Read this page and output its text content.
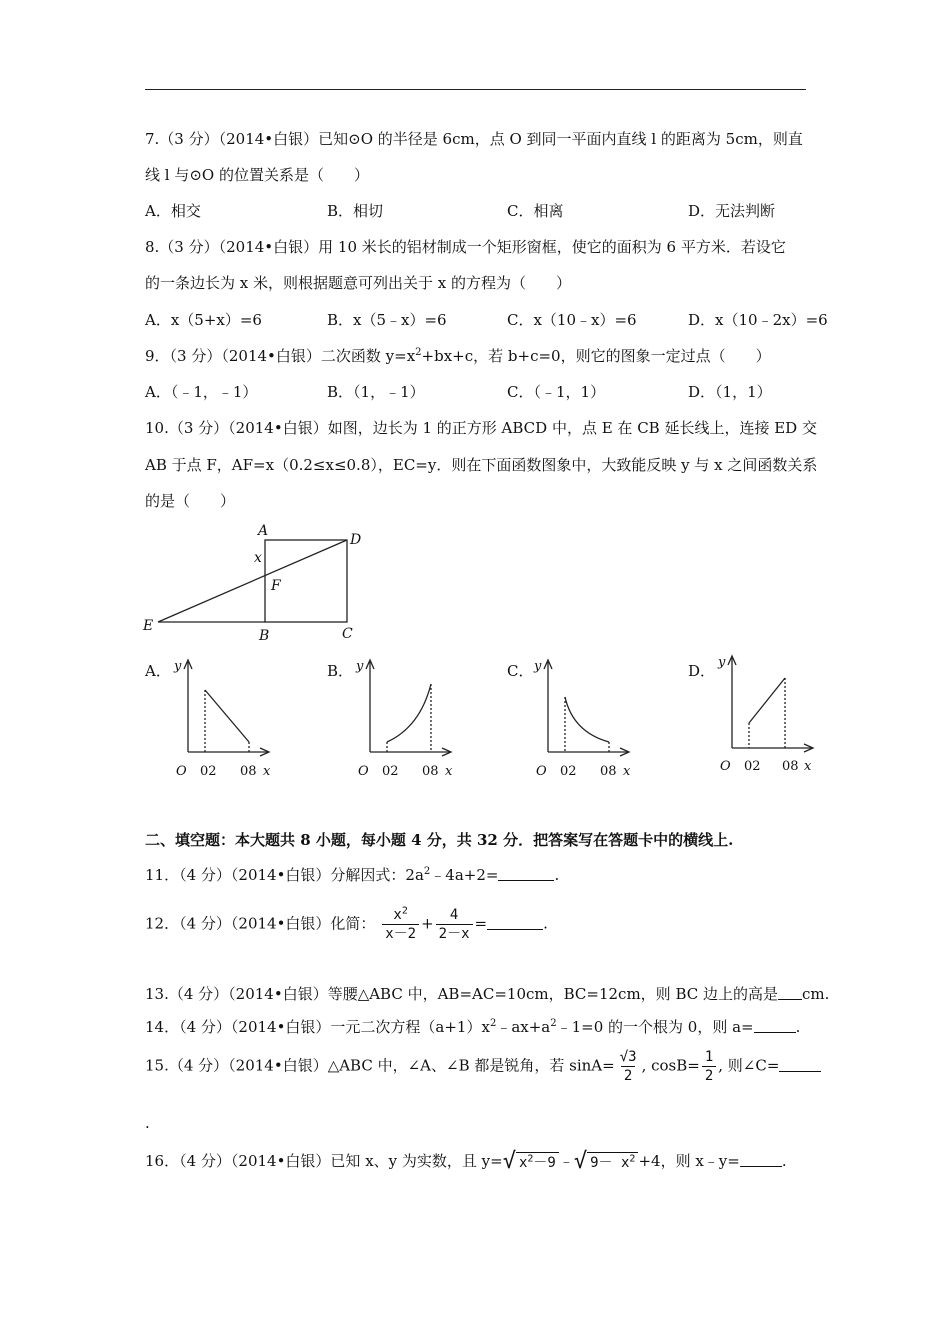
7.（3 分）（2014•白银）已知⊙O 的半径是 6cm，点 O 到同一平面内直线 l 的距离为 5cm，则直
线 l 与⊙O 的位置关系是（　　）
A．相交	B．相切	C．相离	D．无法判断
8.（3 分）（2014•白银）用 10 米长的铝材制成一个矩形窗框，使它的面积为 6 平方米．若设它
的一条边长为 x 米，则根据题意可列出关于 x 的方程为（　　）
A．x（5+x）=6	B．x（5﹣x）=6	C．x（10﹣x）=6	D．x（10﹣2x）=6
9．（3 分）（2014•白银）二次函数 $y=x^2+bx+c$，若 b+c=0，则它的图象一定过点（　　）
A．（﹣1，﹣1）	B．（1，﹣1）	C．（﹣1，1）	D．（1，1）
10.（3 分）（2014•白银）如图，边长为 1 的正方形 ABCD 中，点 E 在 CB 延长线上，连接 ED 交
AB 于点 F，AF=x（0.2≤x≤0.8），EC=y．则在下面函数图象中，大致能反映 y 与 x 之间函数关系
的是（　　）
A
D
x
F
E
B	C
A．	B．	C．	D．
y
O 02 08 x
y
O 02 08 x
y
O 02 08 x
y
O 02 08 x
二、填空题：本大题共 8 小题，每小题 4 分，共 32 分．把答案写在答题卡中的横线上.
11．（4 分）（2014•白银）分解因式：$2a^2﹣4a+2=$	.
12．（4 分）（2014•白银）化简： $\frac{x^2}{x-2} + \frac{4}{2-x}$ =	.
13.（4 分）（2014•白银）等腰△ABC 中，AB=AC=10cm，BC=12cm，则 BC 边上的高是 cm.
14．（4 分）（2014•白银）一元二次方程$(a+1)x^2﹣ax+a^2﹣1=0$ 的一个根为 0，则 a=	.
15.（4 分）（2014•白银）△ABC 中，∠A、∠B 都是锐角，若 $\sin A= \frac{√3}{2}$ , $\cos B= \frac{1}{2}$ , 则∠C=
.
16．（4 分）（2014•白银）已知 x、y 为实数，且 y= √ $x^2-9$ ﹣ √ $9- x^2 +4$，则 x﹣y=	.
